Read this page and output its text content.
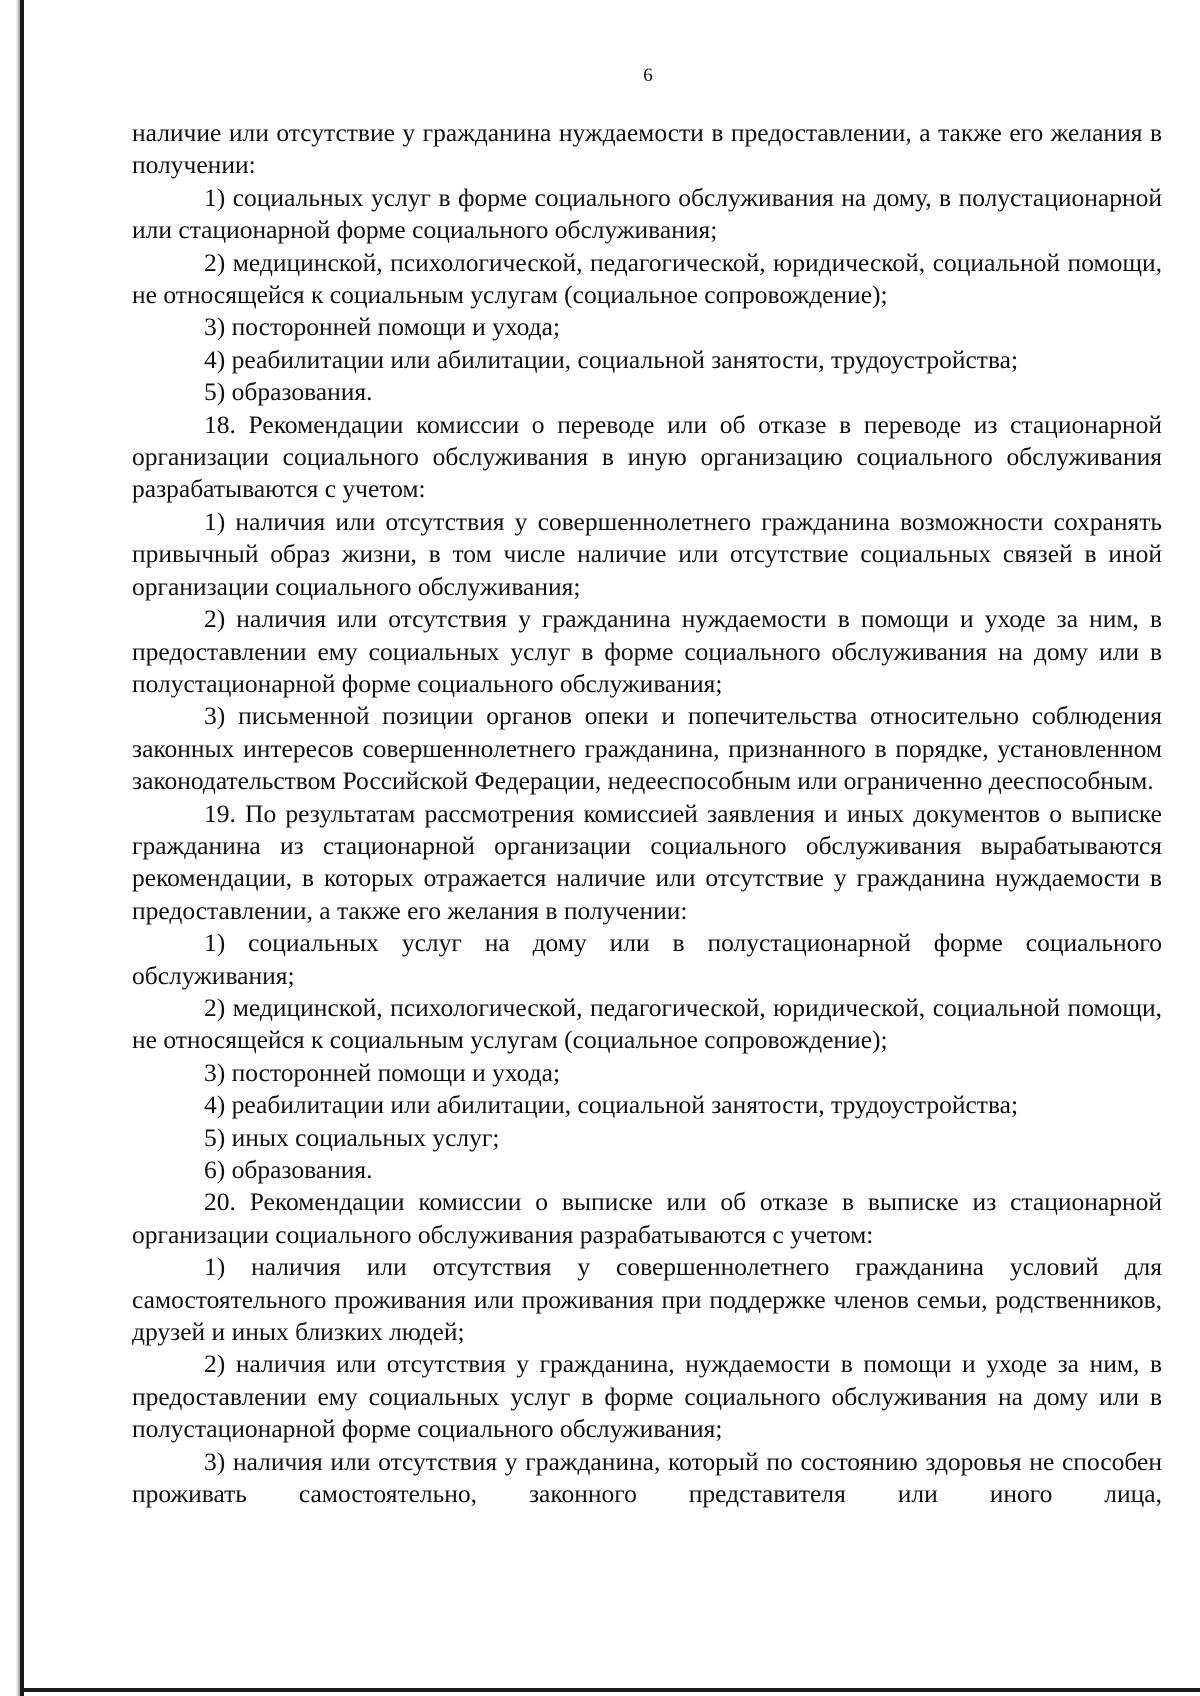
6

наличие или отсутствие у гражданина нуждаемости в предоставлении, а также его желания в получении:

1) социальных услуг в форме социального обслуживания на дому, в полустационарной или стационарной форме социального обслуживания;

2) медицинской, психологической, педагогической, юридической, социальной помощи, не относящейся к социальным услугам (социальное сопровождение);

3) посторонней помощи и ухода;

4) реабилитации или абилитации, социальной занятости, трудоустройства;

5) образования.

18. Рекомендации комиссии о переводе или об отказе в переводе из стационарной организации социального обслуживания в иную организацию социального обслуживания разрабатываются с учетом:

1) наличия или отсутствия у совершеннолетнего гражданина возможности сохранять привычный образ жизни, в том числе наличие или отсутствие социальных связей в иной организации социального обслуживания;

2) наличия или отсутствия у гражданина нуждаемости в помощи и уходе за ним, в предоставлении ему социальных услуг в форме социального обслуживания на дому или в полустационарной форме социального обслуживания;

3) письменной позиции органов опеки и попечительства относительно соблюдения законных интересов совершеннолетнего гражданина, признанного в порядке, установленном законодательством Российской Федерации, недееспособным или ограниченно дееспособным.

19. По результатам рассмотрения комиссией заявления и иных документов о выписке гражданина из стационарной организации социального обслуживания вырабатываются рекомендации, в которых отражается наличие или отсутствие у гражданина нуждаемости в предоставлении, а также его желания в получении:

1) социальных услуг на дому или в полустационарной форме социального обслуживания;

2) медицинской, психологической, педагогической, юридической, социальной помощи, не относящейся к социальным услугам (социальное сопровождение);

3) посторонней помощи и ухода;

4) реабилитации или абилитации, социальной занятости, трудоустройства;

5) иных социальных услуг;

6) образования.

20. Рекомендации комиссии о выписке или об отказе в выписке из стационарной организации социального обслуживания разрабатываются с учетом:

1) наличия или отсутствия у совершеннолетнего гражданина условий для самостоятельного проживания или проживания при поддержке членов семьи, родственников, друзей и иных близких людей;

2) наличия или отсутствия у гражданина, нуждаемости в помощи и уходе за ним, в предоставлении ему социальных услуг в форме социального обслуживания на дому или в полустационарной форме социального обслуживания;

3) наличия или отсутствия у гражданина, который по состоянию здоровья не способен проживать самостоятельно, законного представителя или иного лица,
